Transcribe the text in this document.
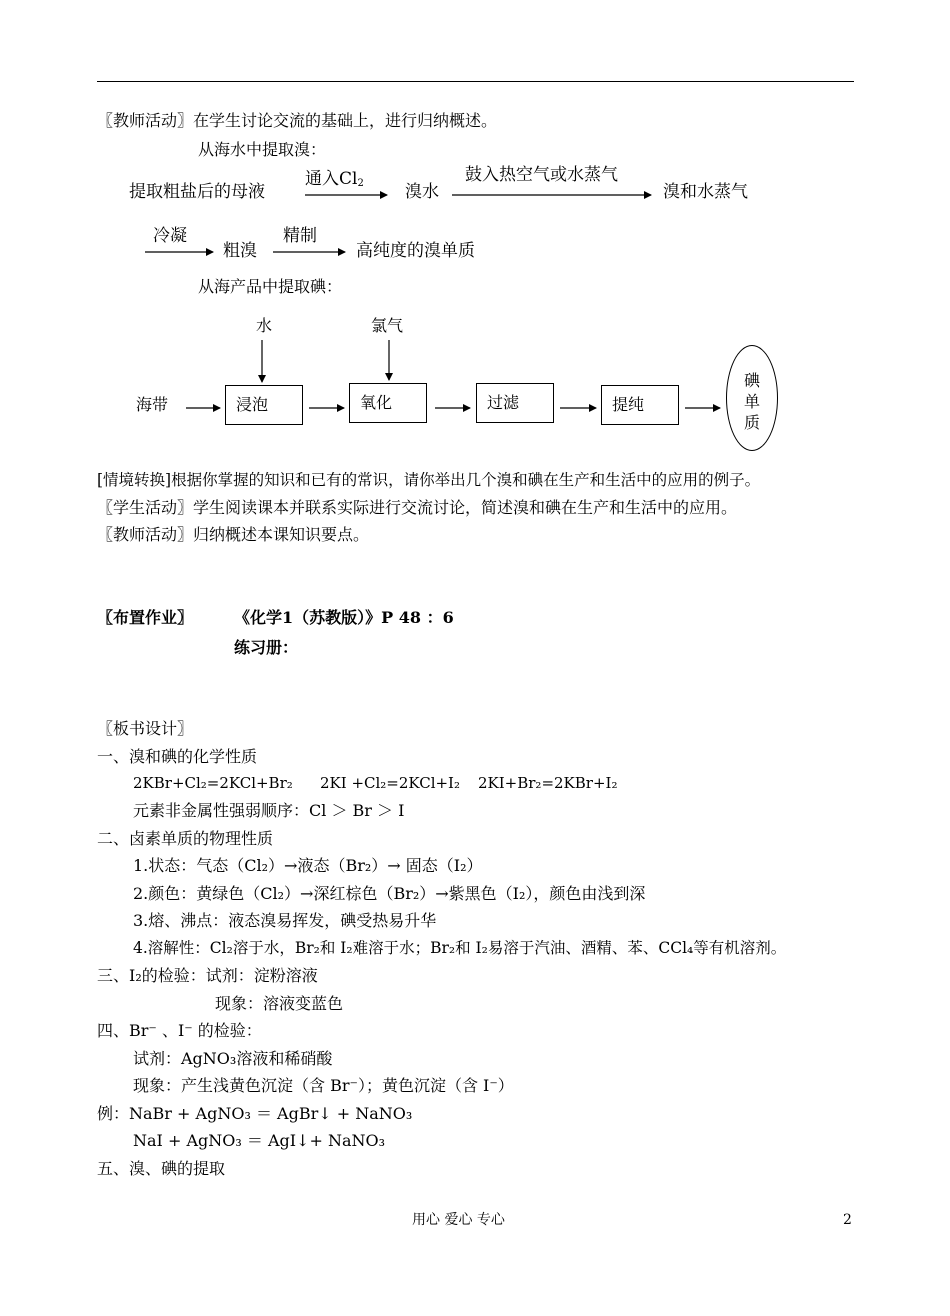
〖教师活动〗在学生讨论交流的基础上，进行归纳概述。
从海水中提取溴：
提取粗盐后的母液
通入$Cl_2$ 溴水
鼓入热空气或水蒸气
溴和水蒸气
冷凝
粗溴
精制
高纯度的溴单质
从海产品中提取碘：
水	氯气
海带	浸泡	氧化	过滤	提纯
碘单质
[情境转换]根据你掌握的知识和已有的常识，请你举出几个溴和碘在生产和生活中的应用的例子。
〖学生活动〗学生阅读课本并联系实际进行交流讨论，简述溴和碘在生产和生活中的应用。
〖教师活动〗归纳概述本课知识要点。
〖布置作业〗	《化学1（苏教版）》P 48 ：6
练习册：
〖板书设计〗
一、溴和碘的化学性质
2KBr+Cl₂=2KCl+Br₂ 2KI +Cl₂=2KCl+I₂ 2KI+Br₂=2KBr+I₂
元素非金属性强弱顺序：Cl ＞ Br ＞ I
二、卤素单质的物理性质
1.状态：气态（Cl₂）→液态（Br₂）→ 固态（I₂）
2.颜色：黄绿色（Cl₂）→深红棕色（Br₂）→紫黑色（I₂），颜色由浅到深
3.熔、沸点：液态溴易挥发，碘受热易升华
4.溶解性：Cl₂溶于水，Br₂和 I₂难溶于水；Br₂和 I₂易溶于汽油、酒精、苯、CCl₄等有机溶剂。
三、I₂的检验：试剂：淀粉溶液
现象：溶液变蓝色
四、Br⁻ 、I⁻ 的检验：
试剂：AgNO₃溶液和稀硝酸
现象：产生浅黄色沉淀（含 Br⁻）；黄色沉淀（含 I⁻）
例：NaBr + AgNO₃ ＝ AgBr↓ + NaNO₃
NaI + AgNO₃ ＝ AgI↓+ NaNO₃
五、溴、碘的提取
用心 爱心 专心	2
